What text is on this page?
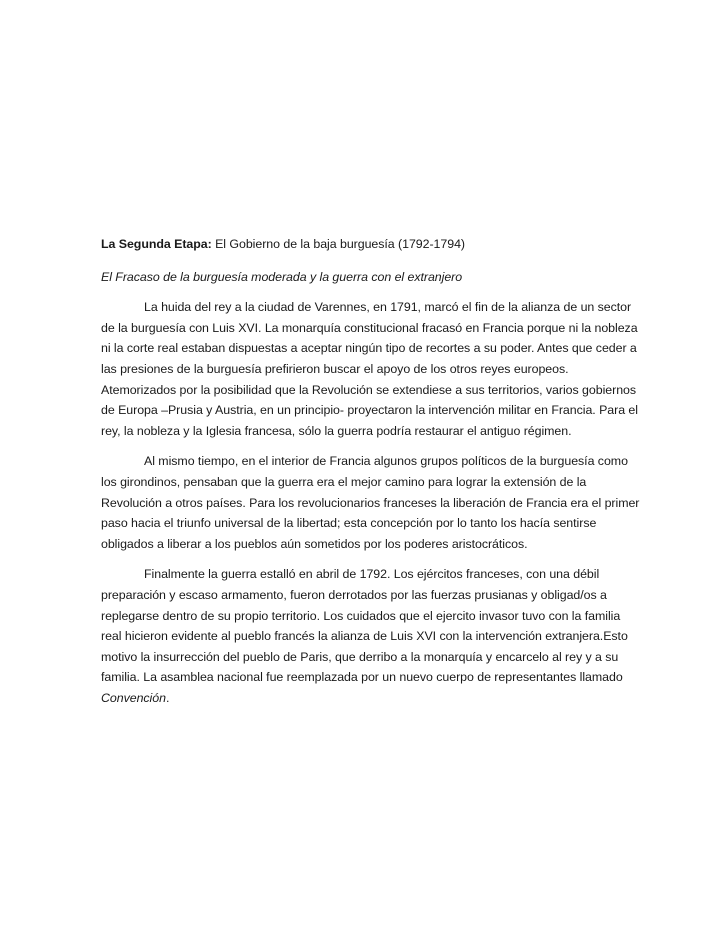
La Segunda Etapa: El Gobierno de la baja burguesía (1792-1794)

El Fracaso de la burguesía moderada y la guerra con el extranjero

La huida del rey a la ciudad de Varennes, en 1791, marcó el fin de la alianza de un sector
de la burguesía con Luis XVI. La monarquía constitucional fracasó en Francia porque ni la nobleza
ni la corte real estaban dispuestas a aceptar ningún tipo de recortes a su poder. Antes que ceder a
las presiones de la burguesía prefirieron buscar el apoyo de los otros reyes europeos.
Atemorizados por la posibilidad que la Revolución se extendiese a sus territorios, varios gobiernos
de Europa –Prusia y Austria, en un principio- proyectaron la intervención militar en Francia. Para el
rey, la nobleza y la Iglesia francesa, sólo la guerra podría restaurar el antiguo régimen.

Al mismo tiempo, en el interior de Francia algunos grupos políticos de la burguesía como
los girondinos, pensaban que la guerra era el mejor camino para lograr la extensión de la
Revolución a otros países. Para los revolucionarios franceses la liberación de Francia era el primer
paso hacia el triunfo universal de la libertad; esta concepción por lo tanto los hacía sentirse
obligados a liberar a los pueblos aún sometidos por los poderes aristocráticos.

Finalmente la guerra estalló en abril de 1792. Los ejércitos franceses, con una débil
preparación y escaso armamento, fueron derrotados por las fuerzas prusianas y obligad/os a
replegarse dentro de su propio territorio. Los cuidados que el ejercito invasor tuvo con la familia
real hicieron evidente al pueblo francés la alianza de Luis XVI con la intervención extranjera.Esto
motivo la insurrección del pueblo de Paris, que derribo a la monarquía y encarcelo al rey y a su
familia. La asamblea nacional fue reemplazada por un nuevo cuerpo de representantes llamado
Convención.
